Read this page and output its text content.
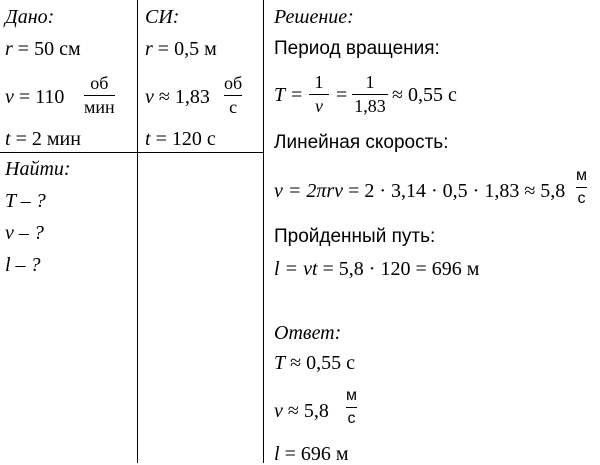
Дано:
r = 50 см
ν = 110
об
мин
t = 2 мин
Найти:
T – ?
v – ?
l – ?
СИ:
r = 0,5 м
ν ≈ 1,83
об
с
t = 120 с
Решение:
Период вращения:
T =
1
ν =
1
1,83 ≈ 0,55 с
Линейная скорость:
v = 2πrν = 2 · 3,14 · 0,5 · 1,83 ≈ 5,8
м
с
Пройденный путь:
l = vt = 5,8 · 120 = 696 м
Ответ:
T ≈ 0,55 с
v ≈ 5,8
м
с
l = 696 м
